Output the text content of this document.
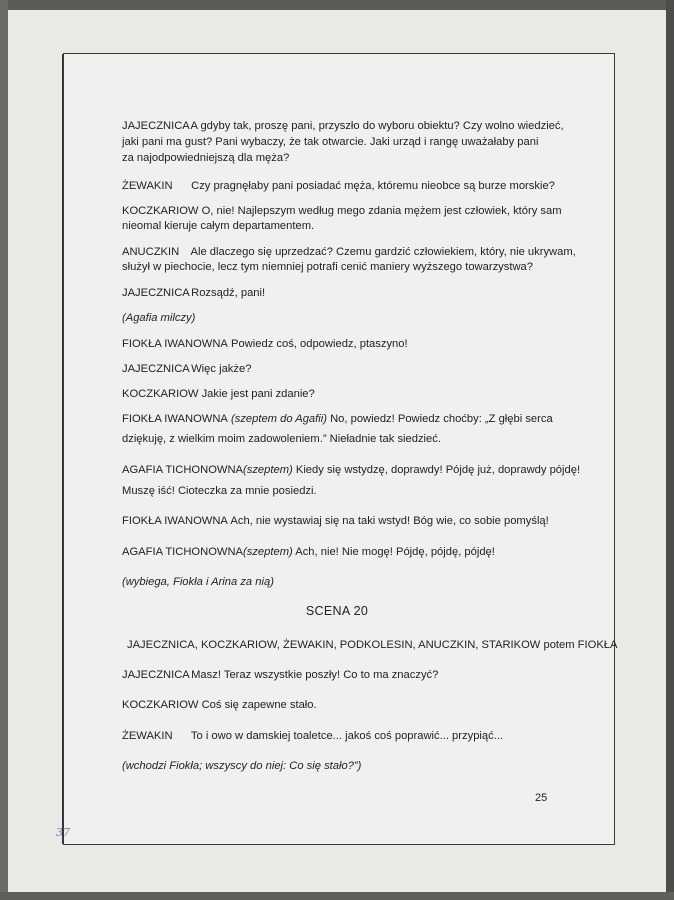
JAJECZNICA A gdyby tak, proszę pani, przyszło do wyboru obiektu? Czy wolno wiedzieć,
jaki pani ma gust? Pani wybaczy, że tak otwarcie. Jaki urząd i rangę uważałaby pani
za najodpowiedniejszą dla męża?
ŻEWAKIN Czy pragnęłaby pani posiadać męża, któremu nieobce są burze morskie?
KOCZKARIOW O, nie! Najlepszym według mego zdania mężem jest człowiek, który sam
nieomal kieruje całym departamentem.
ANUCZKIN Ale dlaczego się uprzedzać? Czemu gardzić człowiekiem, który, nie ukrywam,
służył w piechocie, lecz tym niemniej potrafi cenić maniery wyższego towarzystwa?
JAJECZNICA Rozsądź, pani!
(Agafia milczy)
FIOKŁA IWANOWNA Powiedz coś, odpowiedz, ptaszyno!
JAJECZNICA Więc jakże?
KOCZKARIOW Jakie jest pani zdanie?
FIOKŁA IWANOWNA (szeptem do Agafii) No, powiedz! Powiedz choćby: „Z głębi serca
dziękuję, z wielkim moim zadowoleniem.” Nieładnie tak siedzieć.
AGAFIA TICHONOWNA(szeptem) Kiedy się wstydzę, doprawdy! Pójdę już, doprawdy pójdę!
Muszę iść! Cioteczka za mnie posiedzi.
FIOKŁA IWANOWNA Ach, nie wystawiaj się na taki wstyd! Bóg wie, co sobie pomyślą!
AGAFIA TICHONOWNA(szeptem) Ach, nie! Nie mogę! Pójdę, pójdę, pójdę!
(wybiega, Fiokła i Arina za nią)
SCENA 20
JAJECZNICA, KOCZKARIOW, ŻEWAKIN, PODKOLESIN, ANUCZKIN, STARIKOW potem FIOKŁA
JAJECZNICA Masz! Teraz wszystkie poszły! Co to ma znaczyć?
KOCZKARIOW Coś się zapewne stało.
ŻEWAKIN To i owo w damskiej toaletce... jakoś coś poprawić... przypiąć...
(wchodzi Fiokła; wszyscy do niej: Co się stało?”)
25
37
